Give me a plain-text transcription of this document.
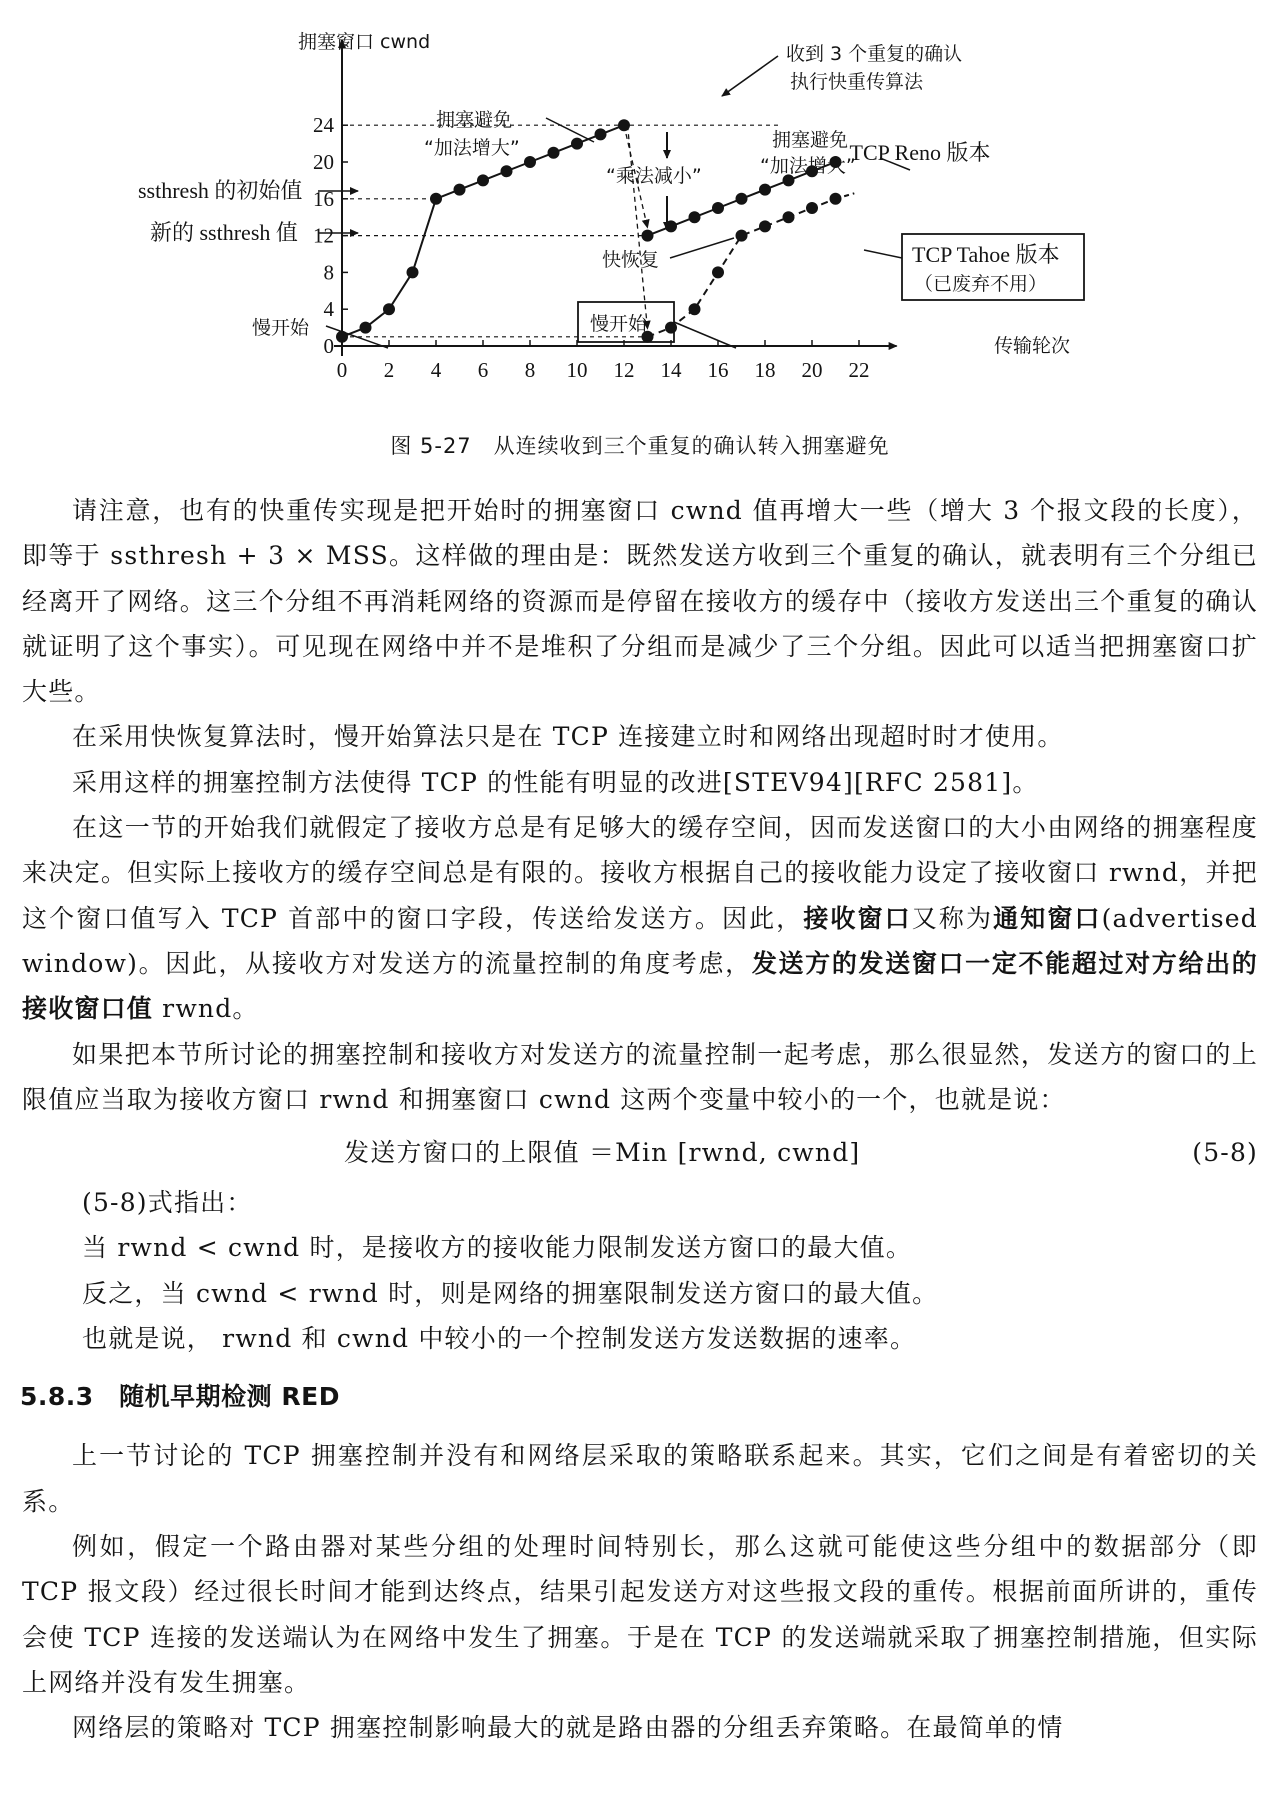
0
4
8
12
16
20
24
0 2 4 6 8 10 12 14 16 18 20 22
TCP Reno 版本
拥塞窗口 cwnd
传输轮次
收到 3 个重复的确认
执行快重传算法
拥塞避免
“加法增大”
“乘法减小”
拥塞避免
“加法增大”
快恢复
慢开始	慢开始
ssthresh 的初始值
新的 ssthresh 值
TCP Tahoe 版本
（已废弃不用）
图 5-27　从连续收到三个重复的确认转入拥塞避免

请注意，也有的快重传实现是把开始时的拥塞窗口 cwnd 值再增大一些（增大 3 个报文段的长度），即等于 ssthresh + 3 × MSS。这样做的理由是：既然发送方收到三个重复的确认，就表明有三个分组已经离开了网络。这三个分组不再消耗网络的资源而是停留在接收方的缓存中（接收方发送出三个重复的确认就证明了这个事实）。可见现在网络中并不是堆积了分组而是减少了三个分组。因此可以适当把拥塞窗口扩大些。

在采用快恢复算法时，慢开始算法只是在 TCP 连接建立时和网络出现超时时才使用。

采用这样的拥塞控制方法使得 TCP 的性能有明显的改进[STEV94][RFC 2581]。

在这一节的开始我们就假定了接收方总是有足够大的缓存空间，因而发送窗口的大小由网络的拥塞程度来决定。但实际上接收方的缓存空间总是有限的。接收方根据自己的接收能力设定了接收窗口 rwnd，并把这个窗口值写入 TCP 首部中的窗口字段，传送给发送方。因此，接收窗口又称为通知窗口(advertised window)。因此，从接收方对发送方的流量控制的角度考虑，发送方的发送窗口一定不能超过对方给出的接收窗口值 rwnd。

如果把本节所讨论的拥塞控制和接收方对发送方的流量控制一起考虑，那么很显然，发送方的窗口的上限值应当取为接收方窗口 rwnd 和拥塞窗口 cwnd 这两个变量中较小的一个，也就是说：

发送方窗口的上限值 ＝Min [rwnd, cwnd]	(5-8)

(5-8)式指出：

当 rwnd < cwnd 时，是接收方的接收能力限制发送方窗口的最大值。

反之，当 cwnd < rwnd 时，则是网络的拥塞限制发送方窗口的最大值。

也就是说， rwnd 和 cwnd 中较小的一个控制发送方发送数据的速率。

5.8.3　随机早期检测 RED

上一节讨论的 TCP 拥塞控制并没有和网络层采取的策略联系起来。其实，它们之间是有着密切的关系。

例如，假定一个路由器对某些分组的处理时间特别长，那么这就可能使这些分组中的数据部分（即 TCP 报文段）经过很长时间才能到达终点，结果引起发送方对这些报文段的重传。根据前面所讲的，重传会使 TCP 连接的发送端认为在网络中发生了拥塞。于是在 TCP 的发送端就采取了拥塞控制措施，但实际上网络并没有发生拥塞。

网络层的策略对 TCP 拥塞控制影响最大的就是路由器的分组丢弃策略。在最简单的情
